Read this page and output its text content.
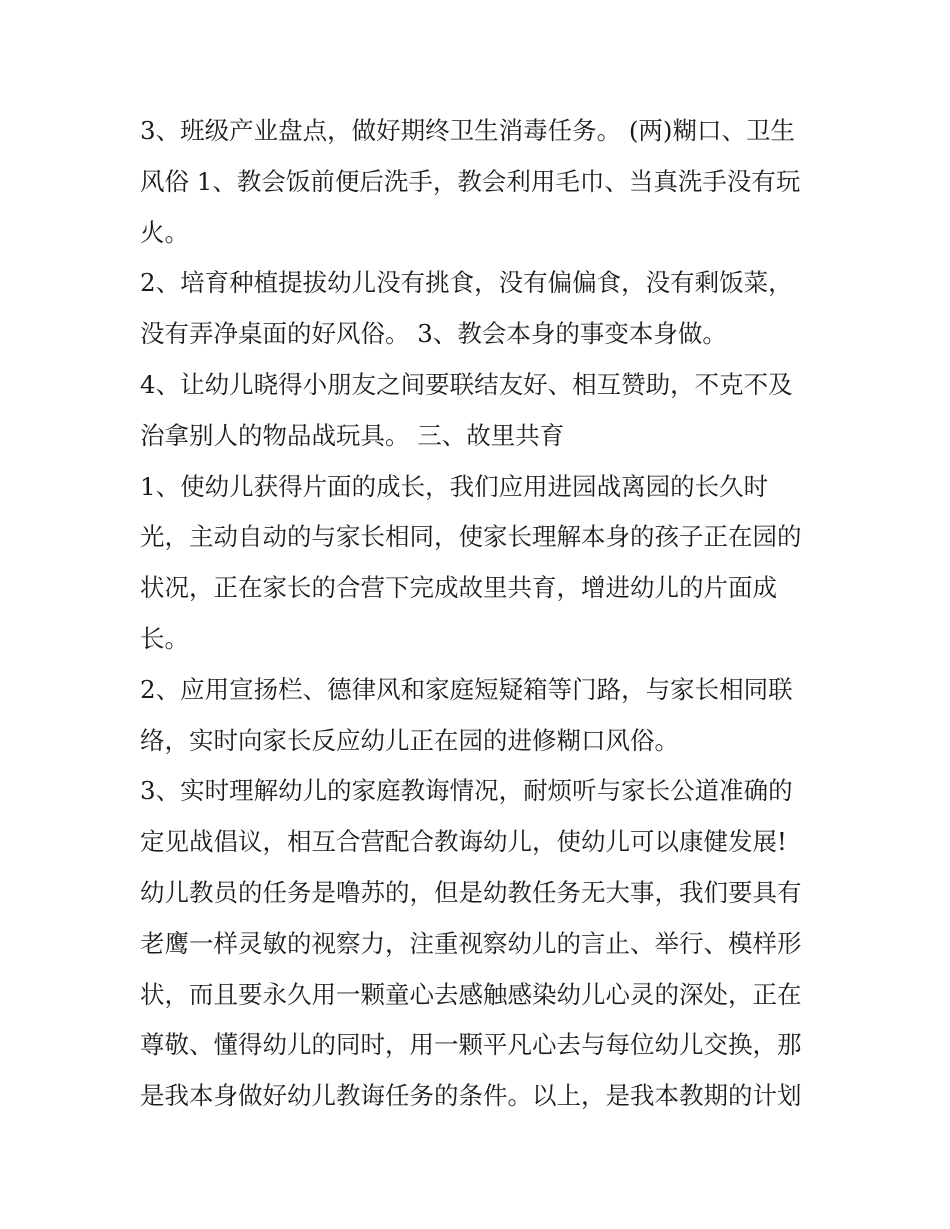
3、班级产业盘点，做好期终卫生消毒任务。 (两)糊口、卫生
风俗 1、教会饭前便后洗手，教会利用毛巾、当真洗手没有玩
火。
2、培育种植提拔幼儿没有挑食，没有偏偏食，没有剩饭菜，
没有弄净桌面的好风俗。 3、教会本身的事变本身做。
4、让幼儿晓得小朋友之间要联结友好、相互赞助，不克不及
治拿别人的物品战玩具。 三、故里共育
1、使幼儿获得片面的成长，我们应用进园战离园的长久时
光，主动自动的与家长相同，使家长理解本身的孩子正在园的
状况，正在家长的合营下完成故里共育，增进幼儿的片面成
长。
2、应用宣扬栏、德律风和家庭短疑箱等门路，与家长相同联
络，实时向家长反应幼儿正在园的进修糊口风俗。
3、实时理解幼儿的家庭教诲情况，耐烦听与家长公道准确的
定见战倡议，相互合营配合教诲幼儿，使幼儿可以康健发展!
幼儿教员的任务是噜苏的，但是幼教任务无大事，我们要具有
老鹰一样灵敏的视察力，注重视察幼儿的言止、举行、模样形
状，而且要永久用一颗童心去感触感染幼儿心灵的深处，正在
尊敬、懂得幼儿的同时，用一颗平凡心去与每位幼儿交换，那
是我本身做好幼儿教诲任务的条件。以上，是我本教期的计划
